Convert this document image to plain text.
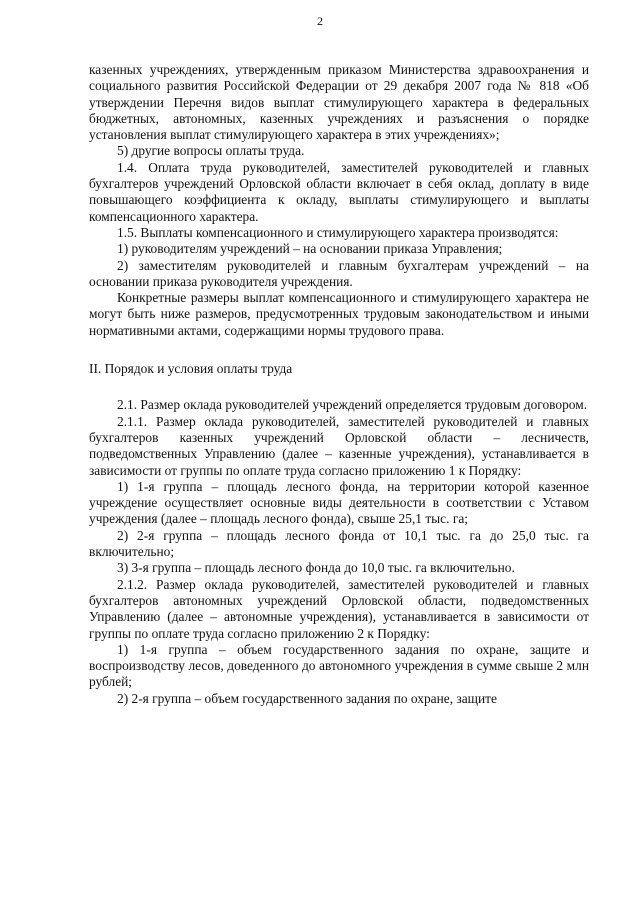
2

казенных учреждениях, утвержденным приказом Министерства здравоохранения и социального развития Российской Федерации от 29 декабря 2007 года № 818 «Об утверждении Перечня видов выплат стимулирующего характера в федеральных бюджетных, автономных, казенных учреждениях и разъяснения о порядке установления выплат стимулирующего характера в этих учреждениях»;

5) другие вопросы оплаты труда.

1.4. Оплата труда руководителей, заместителей руководителей и главных бухгалтеров учреждений Орловской области включает в себя оклад, доплату в виде повышающего коэффициента к окладу, выплаты стимулирующего и выплаты компенсационного характера.

1.5. Выплаты компенсационного и стимулирующего характера производятся:

1) руководителям учреждений – на основании приказа Управления;

2) заместителям руководителей и главным бухгалтерам учреждений – на основании приказа руководителя учреждения.

Конкретные размеры выплат компенсационного и стимулирующего характера не могут быть ниже размеров, предусмотренных трудовым законодательством и иными нормативными актами, содержащими нормы трудового права.

II. Порядок и условия оплаты труда

2.1. Размер оклада руководителей учреждений определяется трудовым договором.

2.1.1. Размер оклада руководителей, заместителей руководителей и главных бухгалтеров казенных учреждений Орловской области – лесничеств, подведомственных Управлению (далее – казенные учреждения), устанавливается в зависимости от группы по оплате труда согласно приложению 1 к Порядку:

1) 1-я группа – площадь лесного фонда, на территории которой казенное учреждение осуществляет основные виды деятельности в соответствии с Уставом учреждения (далее – площадь лесного фонда), свыше 25,1 тыс. га;

2) 2-я группа – площадь лесного фонда от 10,1 тыс. га до 25,0 тыс. га включительно;

3) 3-я группа – площадь лесного фонда до 10,0 тыс. га включительно.

2.1.2. Размер оклада руководителей, заместителей руководителей и главных бухгалтеров автономных учреждений Орловской области, подведомственных Управлению (далее – автономные учреждения), устанавливается в зависимости от группы по оплате труда согласно приложению 2 к Порядку:

1) 1-я группа – объем государственного задания по охране, защите и воспроизводству лесов, доведенного до автономного учреждения в сумме свыше 2 млн рублей;

2) 2-я группа – объем государственного задания по охране, защите
